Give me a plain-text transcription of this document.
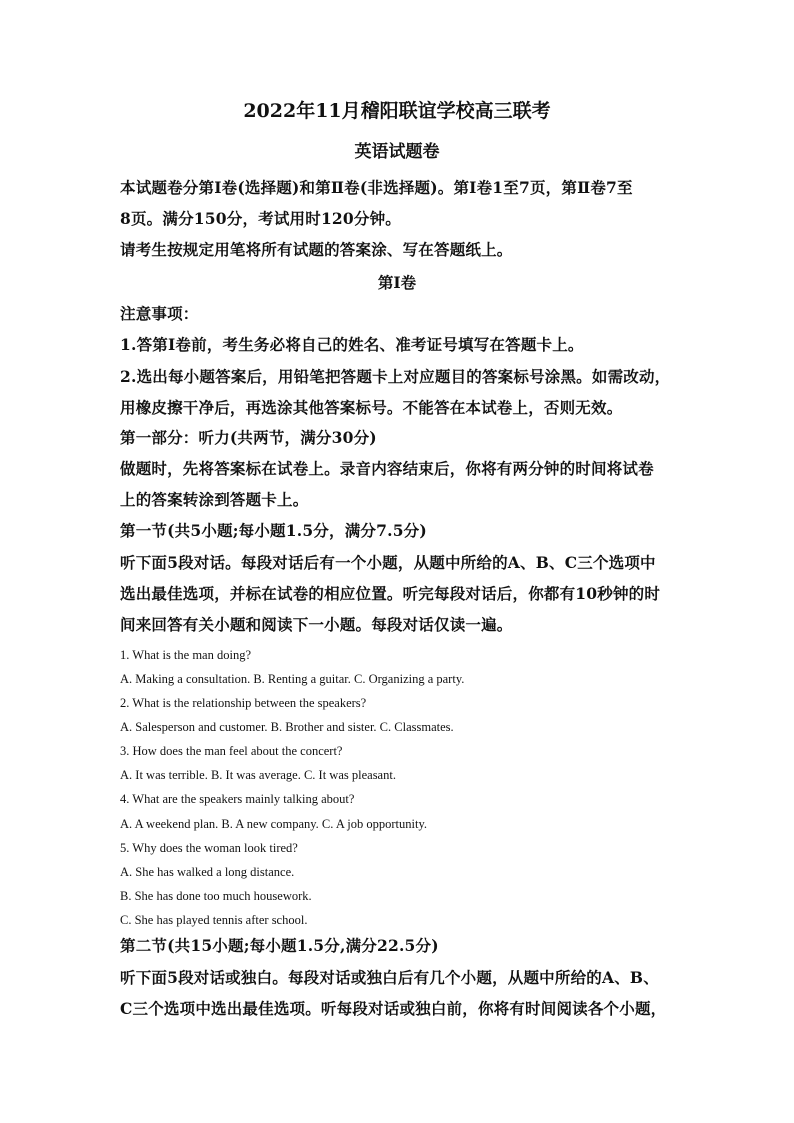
2022年11月稽阳联谊学校高三联考
英语试题卷
本试题卷分第Ⅰ卷(选择题)和第Ⅱ卷(非选择题)。第Ⅰ卷1至7页，第Ⅱ卷7至
8页。满分150分，考试用时120分钟。
请考生按规定用笔将所有试题的答案涂、写在答题纸上。
第I卷
注意事项：
1.答第I卷前，考生务必将自己的姓名、准考证号填写在答题卡上。
2.选出每小题答案后，用铅笔把答题卡上对应题目的答案标号涂黑。如需改动，
用橡皮擦干净后，再选涂其他答案标号。不能答在本试卷上，否则无效。
第一部分：听力(共两节，满分30分)
做题时，先将答案标在试卷上。录音内容结束后，你将有两分钟的时间将试卷
上的答案转涂到答题卡上。
第一节(共5小题;每小题1.5分，满分7.5分)
听下面5段对话。每段对话后有一个小题，从题中所给的A、B、C三个选项中
选出最佳选项，并标在试卷的相应位置。听完每段对话后，你都有10秒钟的时
间来回答有关小题和阅读下一小题。每段对话仅读一遍。
1. What is the man doing?
A. Making a consultation. B. Renting a guitar. C. Organizing a party.
2. What is the relationship between the speakers?
A. Salesperson and customer. B. Brother and sister. C. Classmates.
3. How does the man feel about the concert?
A. It was terrible. B. It was average. C. It was pleasant.
4. What are the speakers mainly talking about?
A. A weekend plan. B. A new company. C. A job opportunity.
5. Why does the woman look tired?
A. She has walked a long distance.
B. She has done too much housework.
C. She has played tennis after school.
第二节(共15小题;每小题1.5分,满分22.5分)
听下面5段对话或独白。每段对话或独白后有几个小题，从题中所给的A、B、
C三个选项中选出最佳选项。听每段对话或独白前，你将有时间阅读各个小题，
